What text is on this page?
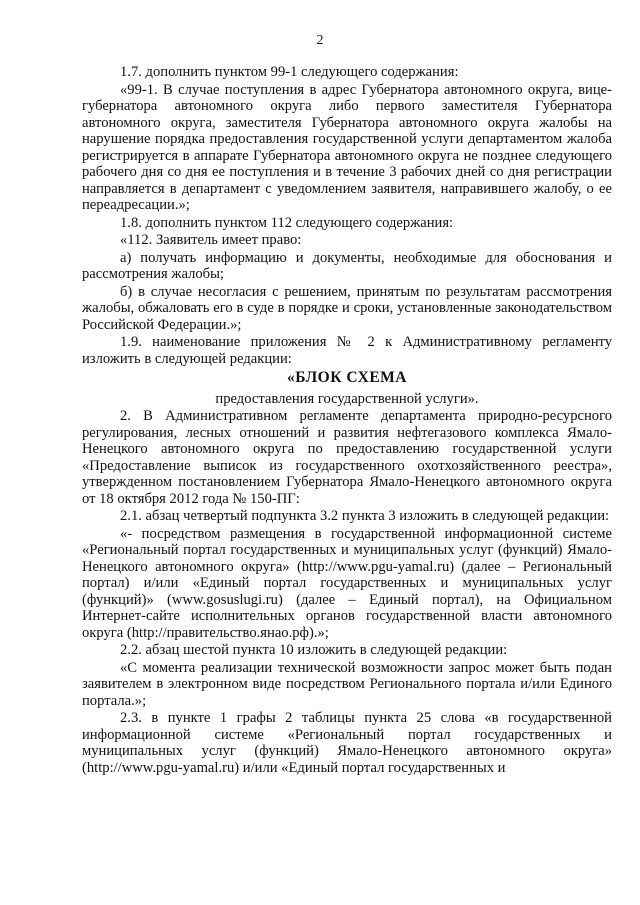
2

1.7. дополнить пунктом 99-1 следующего содержания:

«99-1. В случае поступления в адрес Губернатора автономного округа, вице-губернатора автономного округа либо первого заместителя Губернатора автономного округа, заместителя Губернатора автономного округа жалобы на нарушение порядка предоставления государственной услуги департаментом жалоба регистрируется в аппарате Губернатора автономного округа не позднее следующего рабочего дня со дня ее поступления и в течение 3 рабочих дней со дня регистрации направляется в департамент с уведомлением заявителя, направившего жалобу, о ее переадресации.»;

1.8. дополнить пунктом 112 следующего содержания:

«112. Заявитель имеет право:

а) получать информацию и документы, необходимые для обоснования и рассмотрения жалобы;

б) в случае несогласия с решением, принятым по результатам рассмотрения жалобы, обжаловать его в суде в порядке и сроки, установленные законодательством Российской Федерации.»;

1.9. наименование приложения № 2 к Административному регламенту изложить в следующей редакции:

«БЛОК СХЕМА
предоставления государственной услуги».

2. В Административном регламенте департамента природно-ресурсного регулирования, лесных отношений и развития нефтегазового комплекса Ямало-Ненецкого автономного округа по предоставлению государственной услуги «Предоставление выписок из государственного охотхозяйственного реестра», утвержденном постановлением Губернатора Ямало-Ненецкого автономного округа от 18 октября 2012 года № 150-ПГ:

2.1. абзац четвертый подпункта 3.2 пункта 3 изложить в следующей редакции:

«- посредством размещения в государственной информационной системе «Региональный портал государственных и муниципальных услуг (функций) Ямало-Ненецкого автономного округа» (http://www.pgu-yamal.ru) (далее – Региональный портал) и/или «Единый портал государственных и муниципальных услуг (функций)» (www.gosuslugi.ru) (далее – Единый портал), на Официальном Интернет-сайте исполнительных органов государственной власти автономного округа (http://правительство.янао.рф).»;

2.2. абзац шестой пункта 10 изложить в следующей редакции:

«С момента реализации технической возможности запрос может быть подан заявителем в электронном виде посредством Регионального портала и/или Единого портала.»;

2.3. в пункте 1 графы 2 таблицы пункта 25 слова «в государственной информационной системе «Региональный портал государственных и муниципальных услуг (функций) Ямало-Ненецкого автономного округа» (http://www.pgu-yamal.ru) и/или «Единый портал государственных и
